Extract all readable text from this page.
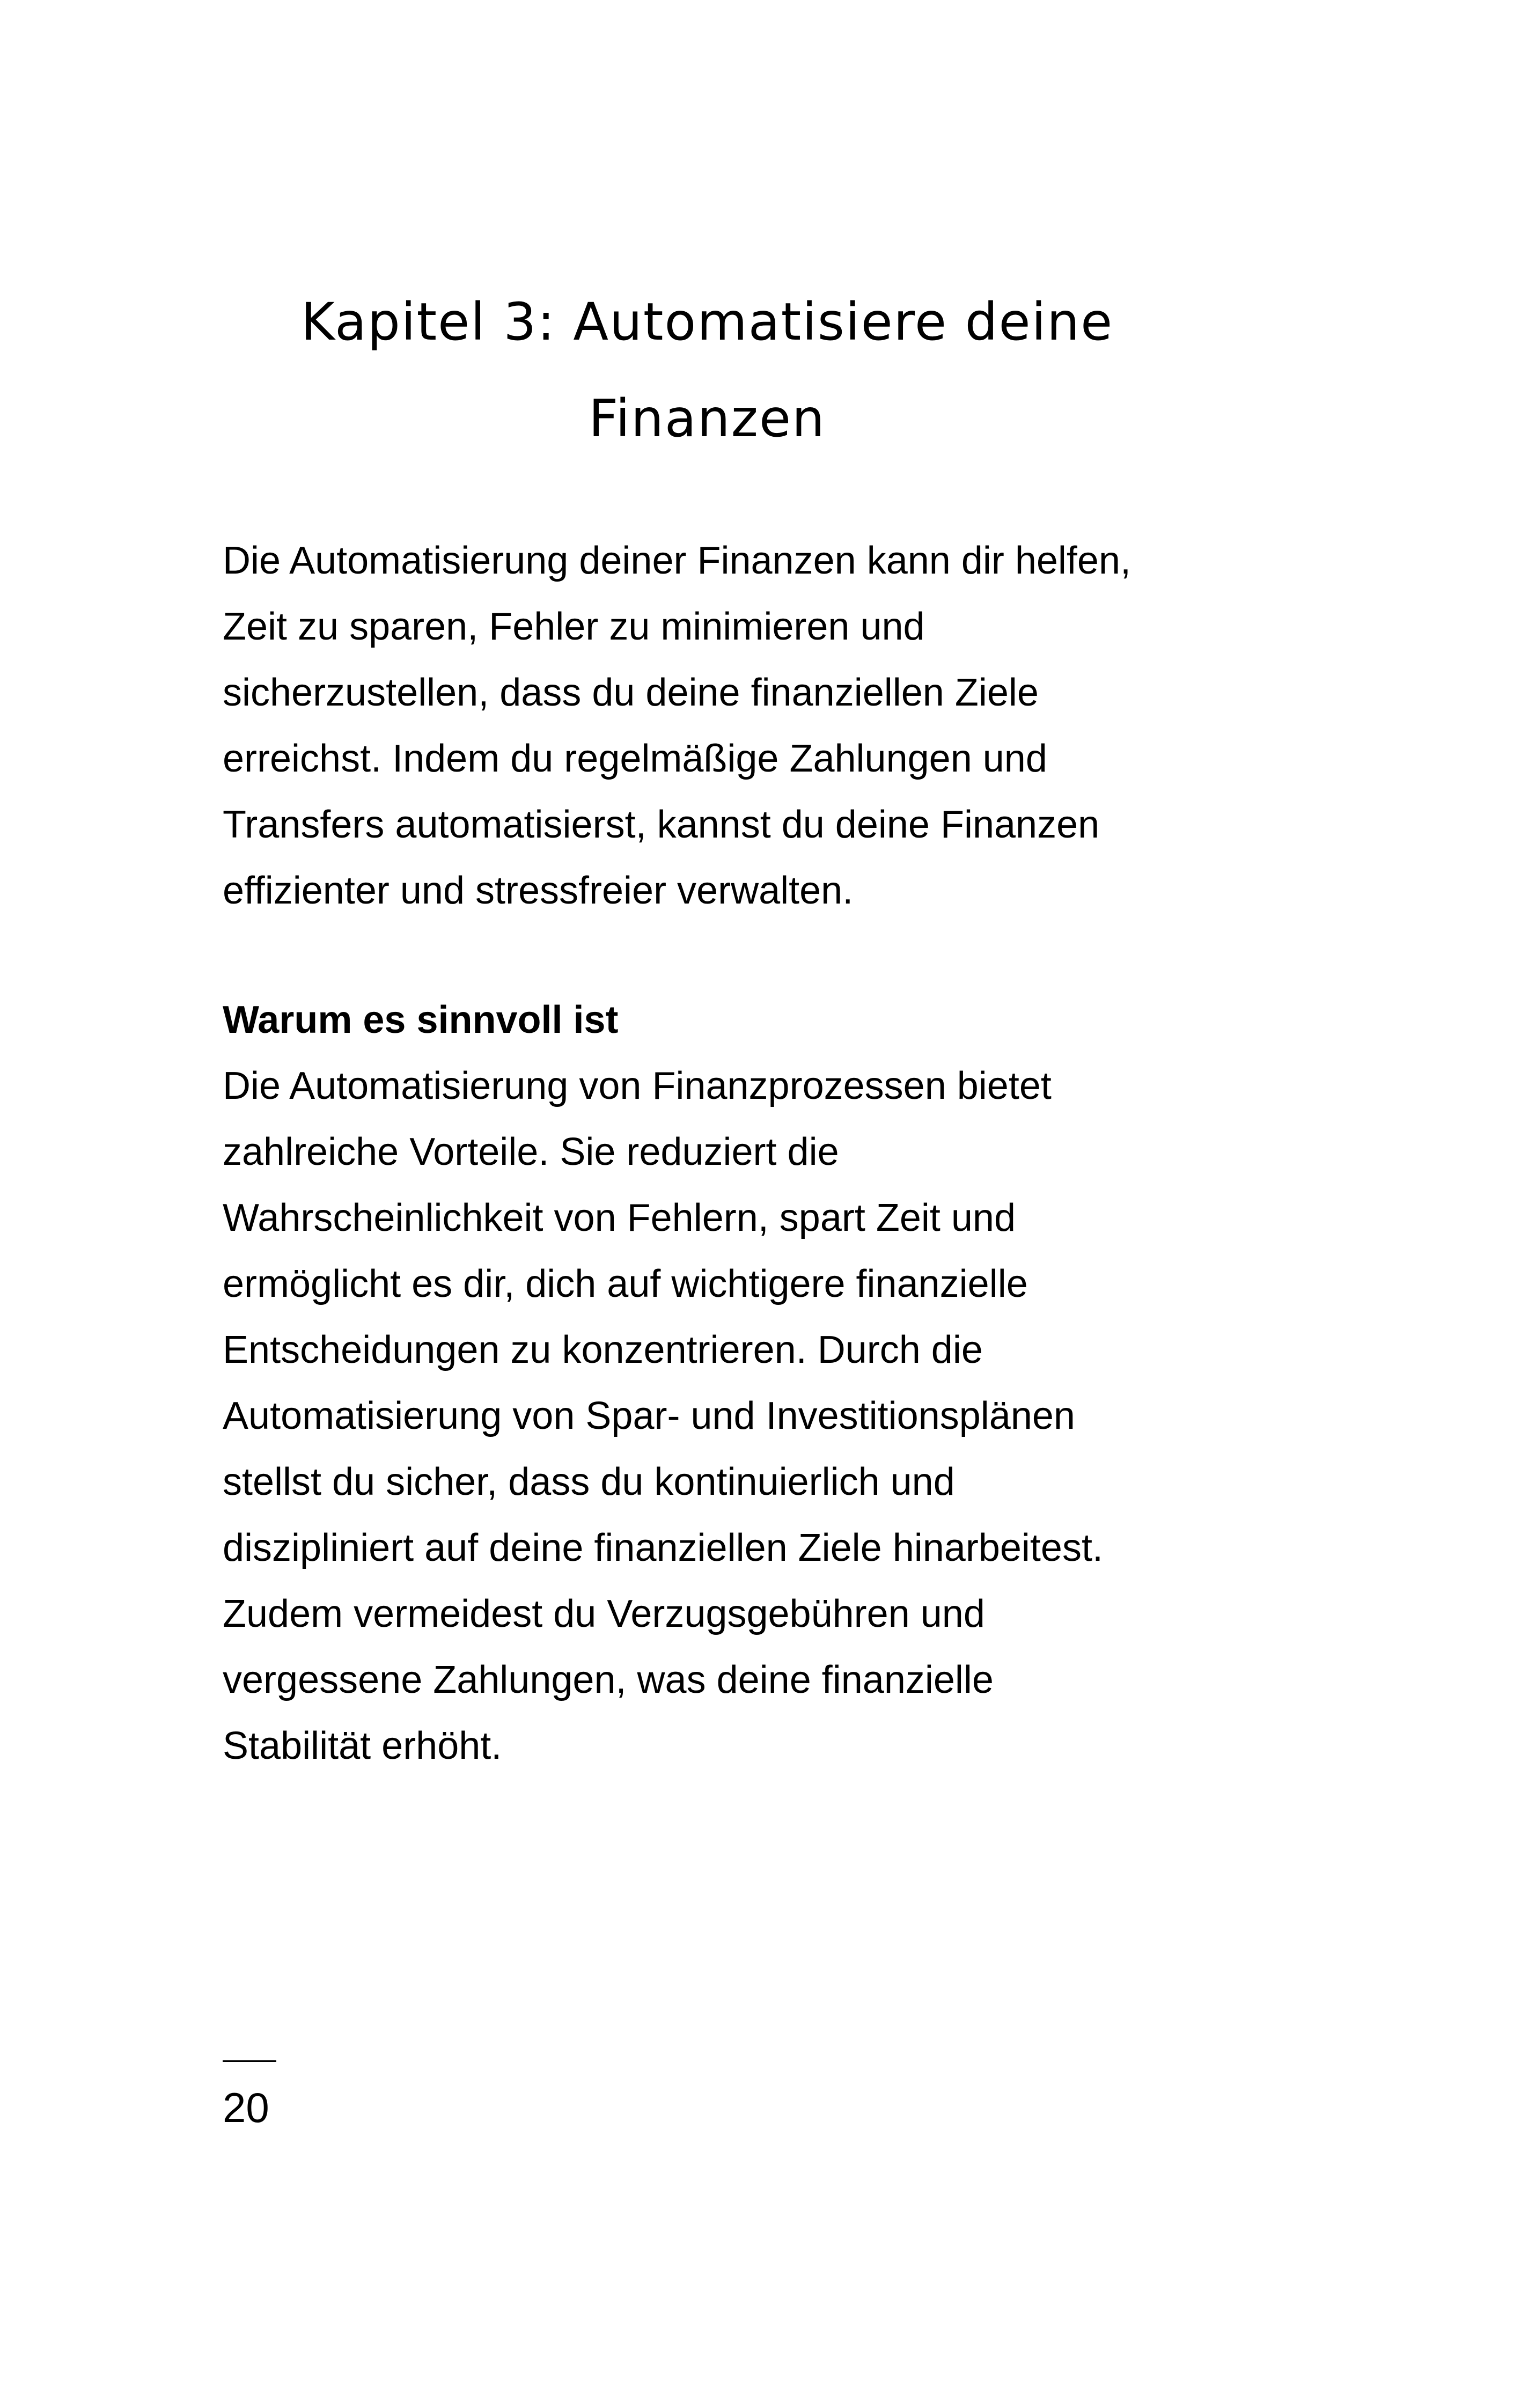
Kapitel 3: Automatisiere deine
Finanzen
Die Automatisierung deiner Finanzen kann dir helfen,
Zeit zu sparen, Fehler zu minimieren und
sicherzustellen, dass du deine finanziellen Ziele
erreichst. Indem du regelmäßige Zahlungen und
Transfers automatisierst, kannst du deine Finanzen
effizienter und stressfreier verwalten.
Warum es sinnvoll ist
Die Automatisierung von Finanzprozessen bietet
zahlreiche Vorteile. Sie reduziert die
Wahrscheinlichkeit von Fehlern, spart Zeit und
ermöglicht es dir, dich auf wichtigere finanzielle
Entscheidungen zu konzentrieren. Durch die
Automatisierung von Spar- und Investitionsplänen
stellst du sicher, dass du kontinuierlich und
diszipliniert auf deine finanziellen Ziele hinarbeitest.
Zudem vermeidest du Verzugsgebühren und
vergessene Zahlungen, was deine finanzielle
Stabilität erhöht.
20
